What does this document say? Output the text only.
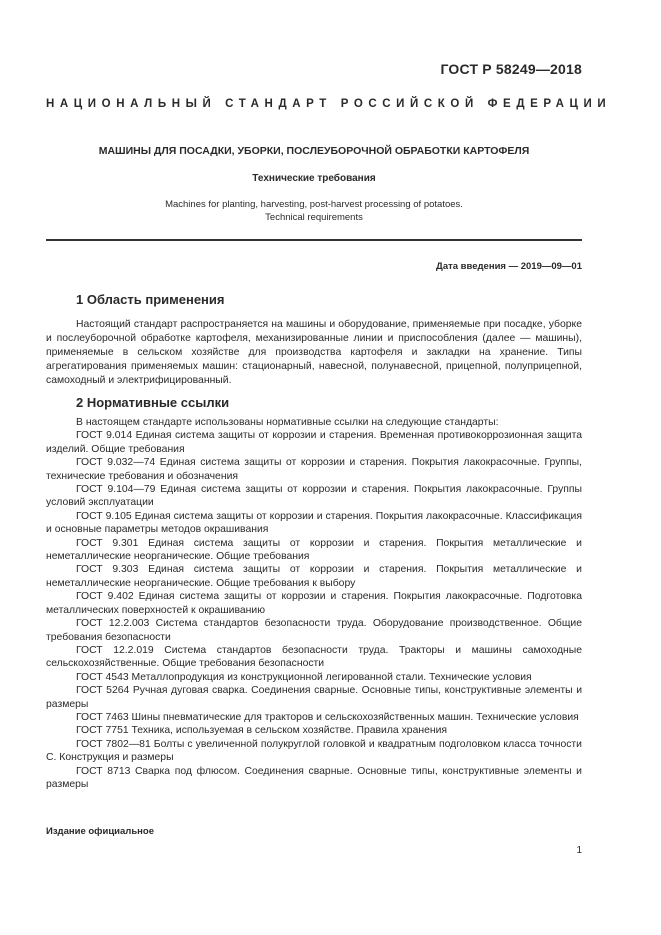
ГОСТ Р 58249—2018
НАЦИОНАЛЬНЫЙ СТАНДАРТ РОССИЙСКОЙ ФЕДЕРАЦИИ
МАШИНЫ ДЛЯ ПОСАДКИ, УБОРКИ, ПОСЛЕУБОРОЧНОЙ ОБРАБОТКИ КАРТОФЕЛЯ
Технические требования
Machines for planting, harvesting, post-harvest processing of potatoes.
Technical requirements
Дата введения — 2019—09—01
1 Область применения
Настоящий стандарт распространяется на машины и оборудование, применяемые при посадке, уборке и послеуборочной обработке картофеля, механизированные линии и приспособления (далее — машины), применяемые в сельском хозяйстве для производства картофеля и закладки на хранение. Типы агрегатирования применяемых машин: стационарный, навесной, полунавесной, прицепной, полуприцепной, самоходный и электрифицированный.
2 Нормативные ссылки

В настоящем стандарте использованы нормативные ссылки на следующие стандарты:

ГОСТ 9.014 Единая система защиты от коррозии и старения. Временная противокоррозионная защита изделий. Общие требования

ГОСТ 9.032—74 Единая система защиты от коррозии и старения. Покрытия лакокрасочные. Группы, технические требования и обозначения

ГОСТ 9.104—79 Единая система защиты от коррозии и старения. Покрытия лакокрасочные. Группы условий эксплуатации

ГОСТ 9.105 Единая система защиты от коррозии и старения. Покрытия лакокрасочные. Классификация и основные параметры методов окрашивания

ГОСТ 9.301 Единая система защиты от коррозии и старения. Покрытия металлические и неметаллические неорганические. Общие требования

ГОСТ 9.303 Единая система защиты от коррозии и старения. Покрытия металлические и неметаллические неорганические. Общие требования к выбору

ГОСТ 9.402 Единая система защиты от коррозии и старения. Покрытия лакокрасочные. Подготовка металлических поверхностей к окрашиванию

ГОСТ 12.2.003 Система стандартов безопасности труда. Оборудование производственное. Общие требования безопасности

ГОСТ 12.2.019 Система стандартов безопасности труда. Тракторы и машины самоходные сельскохозяйственные. Общие требования безопасности

ГОСТ 4543 Металлопродукция из конструкционной легированной стали. Технические условия

ГОСТ 5264 Ручная дуговая сварка. Соединения сварные. Основные типы, конструктивные элементы и размеры

ГОСТ 7463 Шины пневматические для тракторов и сельскохозяйственных машин. Технические условия

ГОСТ 7751 Техника, используемая в сельском хозяйстве. Правила хранения

ГОСТ 7802—81 Болты с увеличенной полукруглой головкой и квадратным подголовком класса точности С. Конструкция и размеры

ГОСТ 8713 Сварка под флюсом. Соединения сварные. Основные типы, конструктивные элементы и размеры

Издание официальное
1
